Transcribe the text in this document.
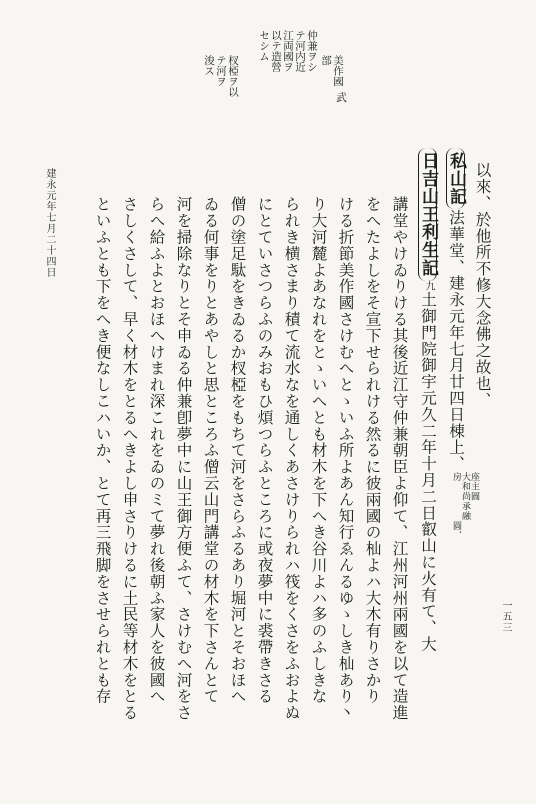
仲兼ヲシ
テ河内近
江両國ヲ
以テ造營
セシム
美作國
部
武
杈椏ヲ以
テ河ヲ
浚ス
以來、於他所不修大念佛之故也、
私山記法華堂、建永元年七月廿四日棟上、座主圓
大和尚承融
房圓、
日吉山王利生記九土御門院御宇元久二年十月二日叡山に火有て、大
講堂やけゐりける其後近江守仲兼朝臣よ仰て、江州河州兩國を以て造進
をへたよしをそ宣下せられける然るに彼兩國の杣よハ大木有りさかり
ける折節美作國さけむへとゝいふ所よあん知行ゑんるゆゝしき杣あり丶
り大河麓よあなれをとゝいへとも材木を下へき谷川よハ多のふしきな
られき横さまり積て流水なを通しくあさけりられハ筏をくさをふおよぬ
にとていさつらふのみおもひ煩つらふところに或夜夢中に裘帶きさる
僧の塗足駄をきゐるか杈椏をもちて河をさらふるあり堀河とそおほへ
ゐる何事をりとあやしと思ところふ僧云山門講堂の材木を下さんとて
河を掃除なりとそ申ゐる仲兼卽夢中に山王御方便ふて、さけむへ河をさ
らへ給ふよとおほへけまれ深これをゐのミて夢れ後朝ふ家人を彼國へ
さしくさして、早く材木をとるへきよし申さりけるに土民等材木をとる
といふとも下をへき便なしこハいか、とて再三飛脚をさせられとも存
建永元年七月二十四日
一五三
